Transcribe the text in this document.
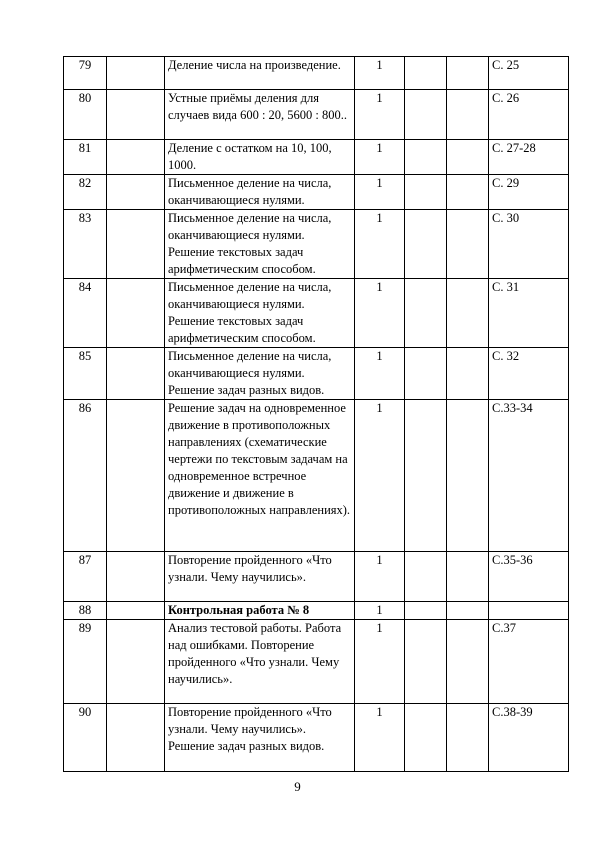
79		Деление числа на произведение.	1			С. 25
80		Устные приёмы деления для случаев вида 600 : 20, 5600 : 800..	1			С. 26
81		Деление с остатком на 10, 100, 1000.	1			С. 27-28
82		Письменное деление на числа, оканчивающиеся нулями.	1			С. 29
83		Письменное деление на числа, оканчивающиеся нулями. Решение текстовых задач арифметическим способом.	1			С. 30
84		Письменное деление на числа, оканчивающиеся нулями. Решение текстовых задач арифметическим способом.	1			С. 31
85		Письменное деление на числа, оканчивающиеся нулями. Решение задач разных видов.	1			С. 32
86		Решение задач на одновременное движение в противоположных направлениях (схематические чертежи по текстовым задачам на одновременное встречное движение и движение в противоположных направлениях).	1			С.33-34
87		Повторение пройденного «Что узнали. Чему научились».	1			С.35-36
88		Контрольная работа № 8	1			
89		Анализ тестовой работы. Работа над ошибками. Повторение пройденного «Что узнали. Чему научились».	1			С.37
90		Повторение пройденного «Что узнали. Чему научились». Решение задач разных видов.	1			С.38-39
9
